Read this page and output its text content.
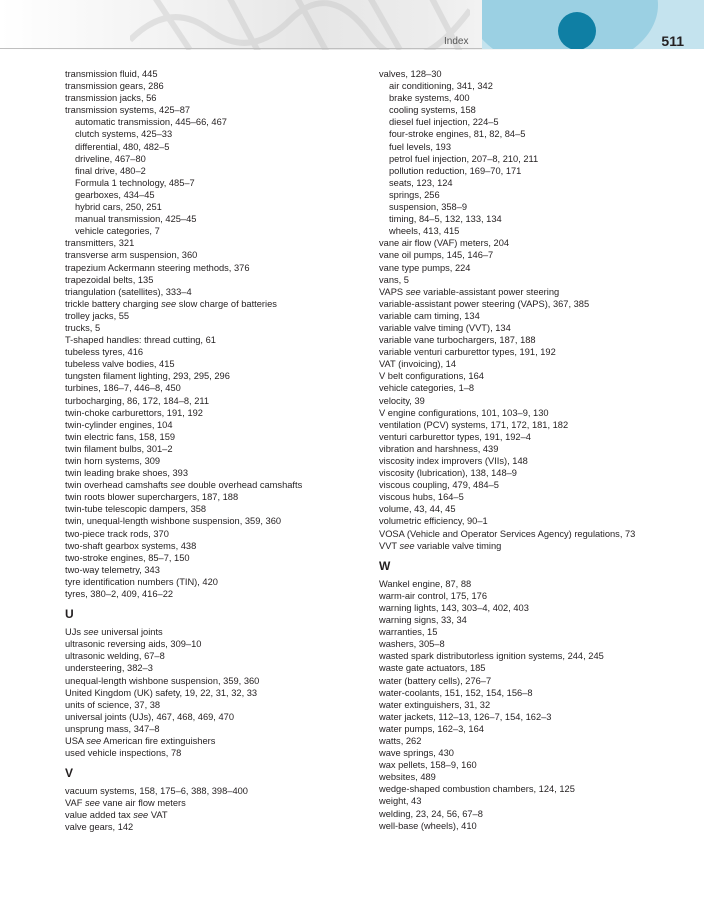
Index	511
transmission fluid, 445
transmission gears, 286
transmission jacks, 56
transmission systems, 425–87
automatic transmission, 445–66, 467
clutch systems, 425–33
differential, 480, 482–5
driveline, 467–80
final drive, 480–2
Formula 1 technology, 485–7
gearboxes, 434–45
hybrid cars, 250, 251
manual transmission, 425–45
vehicle categories, 7
transmitters, 321
transverse arm suspension, 360
trapezium Ackermann steering methods, 376
trapezoidal belts, 135
triangulation (satellites), 333–4
trickle battery charging see slow charge of batteries
trolley jacks, 55
trucks, 5
T-shaped handles: thread cutting, 61
tubeless tyres, 416
tubeless valve bodies, 415
tungsten filament lighting, 293, 295, 296
turbines, 186–7, 446–8, 450
turbocharging, 86, 172, 184–8, 211
twin-choke carburettors, 191, 192
twin-cylinder engines, 104
twin electric fans, 158, 159
twin filament bulbs, 301–2
twin horn systems, 309
twin leading brake shoes, 393
twin overhead camshafts see double overhead camshafts
twin roots blower superchargers, 187, 188
twin-tube telescopic dampers, 358
twin, unequal-length wishbone suspension, 359, 360
two-piece track rods, 370
two-shaft gearbox systems, 438
two-stroke engines, 85–7, 150
two-way telemetry, 343
tyre identification numbers (TIN), 420
tyres, 380–2, 409, 416–22
U
UJs see universal joints
ultrasonic reversing aids, 309–10
ultrasonic welding, 67–8
understeering, 382–3
unequal-length wishbone suspension, 359, 360
United Kingdom (UK) safety, 19, 22, 31, 32, 33
units of science, 37, 38
universal joints (UJs), 467, 468, 469, 470
unsprung mass, 347–8
USA see American fire extinguishers
used vehicle inspections, 78
V
vacuum systems, 158, 175–6, 388, 398–400
VAF see vane air flow meters
value added tax see VAT
valve gears, 142
valves, 128–30
air conditioning, 341, 342
brake systems, 400
cooling systems, 158
diesel fuel injection, 224–5
four-stroke engines, 81, 82, 84–5
fuel levels, 193
petrol fuel injection, 207–8, 210, 211
pollution reduction, 169–70, 171
seats, 123, 124
springs, 256
suspension, 358–9
timing, 84–5, 132, 133, 134
wheels, 413, 415
vane air flow (VAF) meters, 204
vane oil pumps, 145, 146–7
vane type pumps, 224
vans, 5
VAPS see variable-assistant power steering
variable-assistant power steering (VAPS), 367, 385
variable cam timing, 134
variable valve timing (VVT), 134
variable vane turbochargers, 187, 188
variable venturi carburettor types, 191, 192
VAT (invoicing), 14
V belt configurations, 164
vehicle categories, 1–8
velocity, 39
V engine configurations, 101, 103–9, 130
ventilation (PCV) systems, 171, 172, 181, 182
venturi carburettor types, 191, 192–4
vibration and harshness, 439
viscosity index improvers (VIIs), 148
viscosity (lubrication), 138, 148–9
viscous coupling, 479, 484–5
viscous hubs, 164–5
volume, 43, 44, 45
volumetric efficiency, 90–1
VOSA (Vehicle and Operator Services Agency) regulations, 73
VVT see variable valve timing
W
Wankel engine, 87, 88
warm-air control, 175, 176
warning lights, 143, 303–4, 402, 403
warning signs, 33, 34
warranties, 15
washers, 305–8
wasted spark distributorless ignition systems, 244, 245
waste gate actuators, 185
water (battery cells), 276–7
water-coolants, 151, 152, 154, 156–8
water extinguishers, 31, 32
water jackets, 112–13, 126–7, 154, 162–3
water pumps, 162–3, 164
watts, 262
wave springs, 430
wax pellets, 158–9, 160
websites, 489
wedge-shaped combustion chambers, 124, 125
weight, 43
welding, 23, 24, 56, 67–8
well-base (wheels), 410
